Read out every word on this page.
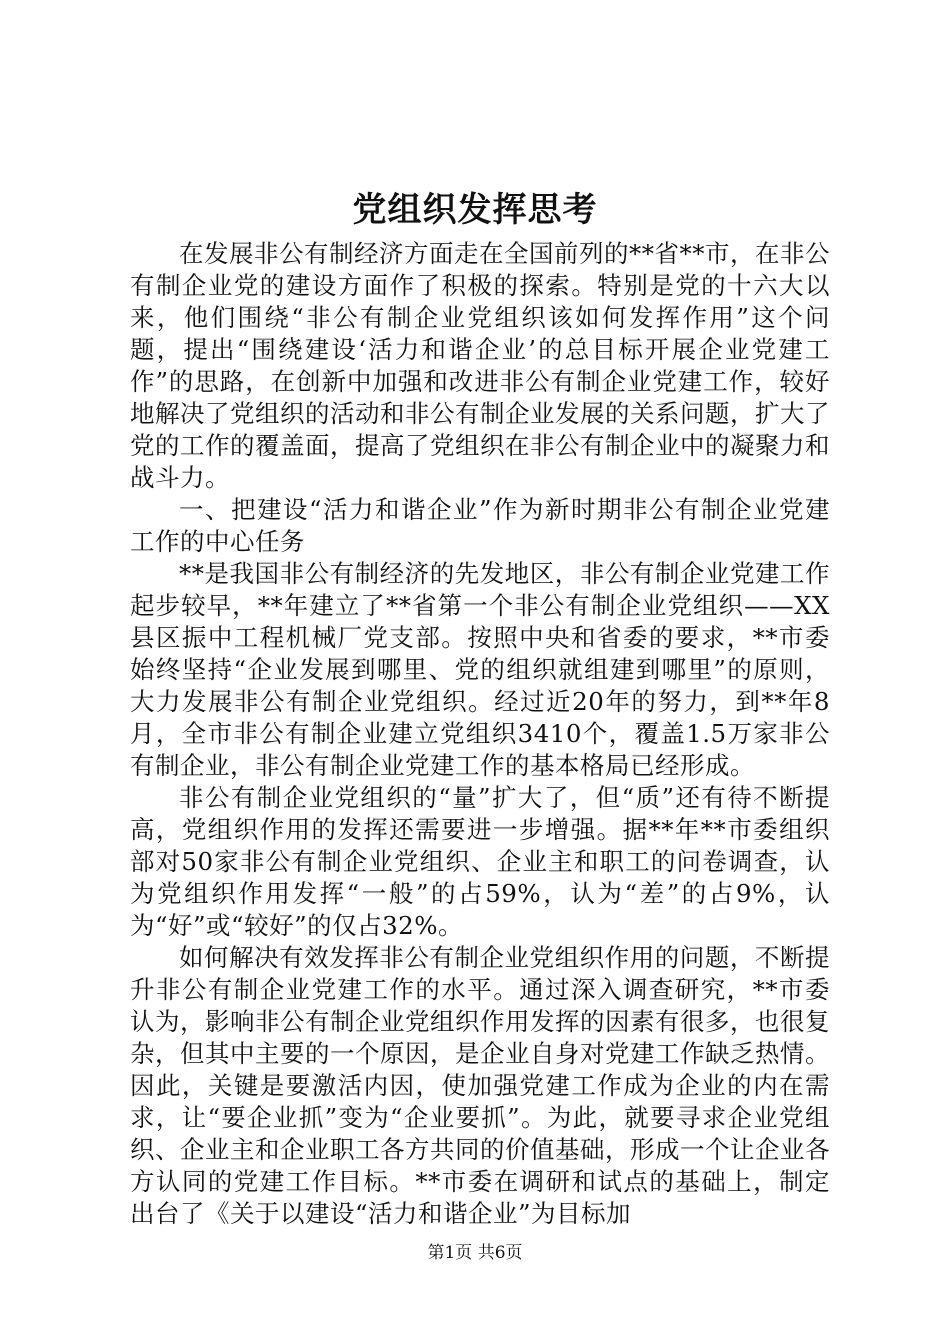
党组织发挥思考

在发展非公有制经济方面走在全国前列的**省**市，在非公有制企业党的建设方面作了积极的探索。特别是党的十六大以来，他们围绕“非公有制企业党组织该如何发挥作用”这个问题，提出“围绕建设‘活力和谐企业’的总目标开展企业党建工作”的思路，在创新中加强和改进非公有制企业党建工作，较好地解决了党组织的活动和非公有制企业发展的关系问题，扩大了党的工作的覆盖面，提高了党组织在非公有制企业中的凝聚力和战斗力。

一、把建设“活力和谐企业”作为新时期非公有制企业党建工作的中心任务

**是我国非公有制经济的先发地区，非公有制企业党建工作起步较早，**年建立了**省第一个非公有制企业党组织——XX县区振中工程机械厂党支部。按照中央和省委的要求，**市委始终坚持“企业发展到哪里、党的组织就组建到哪里”的原则，大力发展非公有制企业党组织。经过近20年的努力，到**年8月，全市非公有制企业建立党组织3410个，覆盖1.5万家非公有制企业，非公有制企业党建工作的基本格局已经形成。

非公有制企业党组织的“量”扩大了，但“质”还有待不断提高，党组织作用的发挥还需要进一步增强。据**年**市委组织部对50家非公有制企业党组织、企业主和职工的问卷调查，认为党组织作用发挥“一般”的占59%，认为“差”的占9%，认为“好”或“较好”的仅占32%。

如何解决有效发挥非公有制企业党组织作用的问题，不断提升非公有制企业党建工作的水平。通过深入调查研究，**市委认为，影响非公有制企业党组织作用发挥的因素有很多，也很复杂，但其中主要的一个原因，是企业自身对党建工作缺乏热情。因此，关键是要激活内因，使加强党建工作成为企业的内在需求，让“要企业抓”变为“企业要抓”。为此，就要寻求企业党组织、企业主和企业职工各方共同的价值基础，形成一个让企业各方认同的党建工作目标。**市委在调研和试点的基础上，制定出台了《关于以建设“活力和谐企业”为目标加

第1页 共6页
